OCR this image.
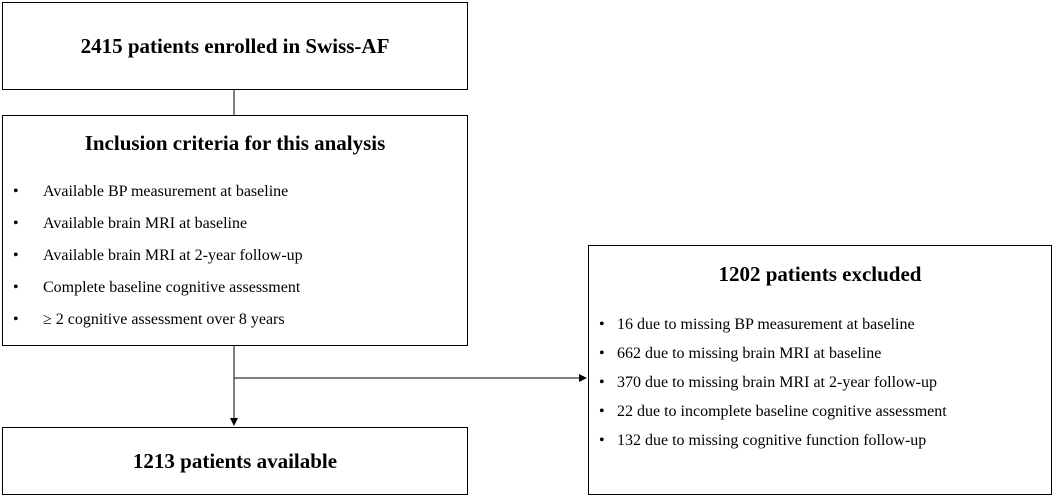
2415 patients enrolled in Swiss-AF
Inclusion criteria for this analysis
• Available BP measurement at baseline
• Available brain MRI at baseline
• Available brain MRI at 2-year follow-up
• Complete baseline cognitive assessment
• ≥ 2 cognitive assessment over 8 years
1213 patients available
1202 patients excluded
• 16 due to missing BP measurement at baseline
• 662 due to missing brain MRI at baseline
• 370 due to missing brain MRI at 2-year follow-up
• 22 due to incomplete baseline cognitive assessment
• 132 due to missing cognitive function follow-up
